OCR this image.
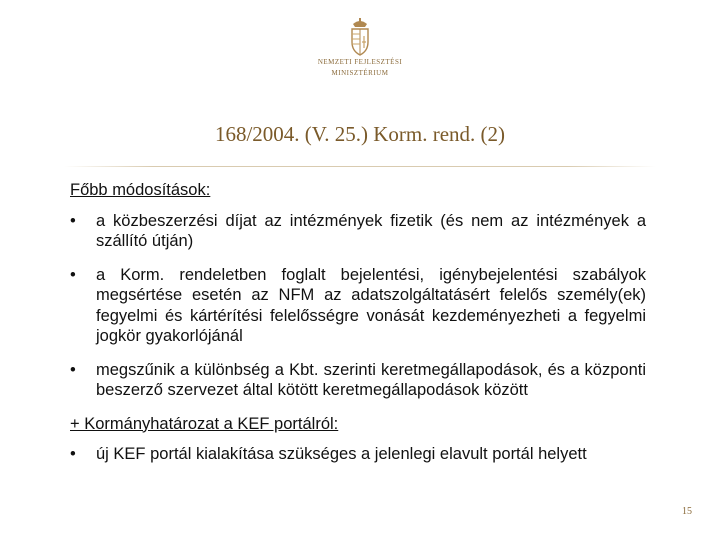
NEMZETI FEJLESZTÉSI
MINISZTÉRIUM
168/2004. (V. 25.) Korm. rend. (2)
Főbb módosítások:
•	a közbeszerzési díjat az intézmények fizetik (és nem az intézmények a szállító útján)
•	a Korm. rendeletben foglalt bejelentési, igénybejelentési szabályok megsértése esetén az NFM az adatszolgáltatásért felelős személy(ek) fegyelmi és kártérítési felelősségre vonását kezdeményezheti a fegyelmi jogkör gyakorlójánál
•	megszűnik a különbség a Kbt. szerinti keretmegállapodások, és a központi beszerző szervezet által kötött keretmegállapodások között
+ Kormányhatározat a KEF portálról:
•	új KEF portál kialakítása szükséges a jelenlegi elavult portál helyett
15
